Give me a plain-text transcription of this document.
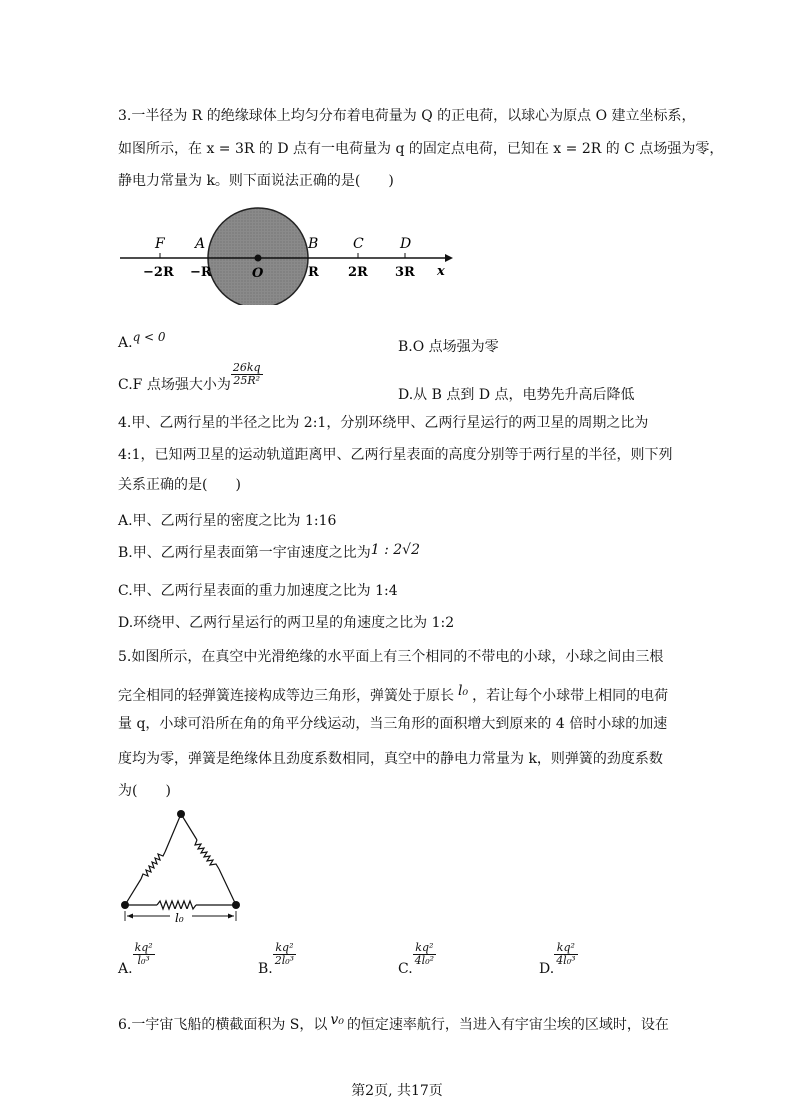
3.一半径为 R 的绝缘球体上均匀分布着电荷量为 Q 的正电荷，以球心为原点 O 建立坐标系，
如图所示，在 x = 3R 的 D 点有一电荷量为 q 的固定点电荷，已知在 x = 2R 的 C 点场强为零，
静电力常量为 k。则下面说法正确的是(　　)
F A	B C	D
−2R −R	R 2R 3R
O	x
A.q < 0
B.O 点场强为零
C.F 点场强大小为 $\frac{26kq}{\text{25R²}}$
D.从 B 点到 D 点，电势先升高后降低
4.甲、乙两行星的半径之比为 2:1，分别环绕甲、乙两行星运行的两卫星的周期之比为
4:1，已知两卫星的运动轨道距离甲、乙两行星表面的高度分别等于两行星的半径，则下列
关系正确的是(　　)
A.甲、乙两行星的密度之比为 1:16
B.甲、乙两行星表面第一宇宙速度之比为1 : 2√2
C.甲、乙两行星表面的重力加速度之比为 1:4
D.环绕甲、乙两行星运行的两卫星的角速度之比为 1:2
5.如图所示，在真空中光滑绝缘的水平面上有三个相同的不带电的小球，小球之间由三根
完全相同的轻弹簧连接构成等边三角形，弹簧处于原长 l₀ ，若让每个小球带上相同的电荷
量 q，小球可沿所在角的角平分线运动，当三角形的面积增大到原来的 4 倍时小球的加速
度均为零，弹簧是绝缘体且劲度系数相同，真空中的静电力常量为 k，则弹簧的劲度系数
为(　　)
l₀
A.
$\frac{\text{kq²}}{\text{l₀³}}$
B.
$\frac{\text{kq²}}{\text{2l₀³}}$
C.
$\frac{\text{kq²}}{\text{4l₀²}}$
D.
$\frac{\text{kq²}}{\text{4l₀³}}$
6.一宇宙飞船的横截面积为 S，以 v₀ 的恒定速率航行，当进入有宇宙尘埃的区域时，设在
第2页, 共17页
